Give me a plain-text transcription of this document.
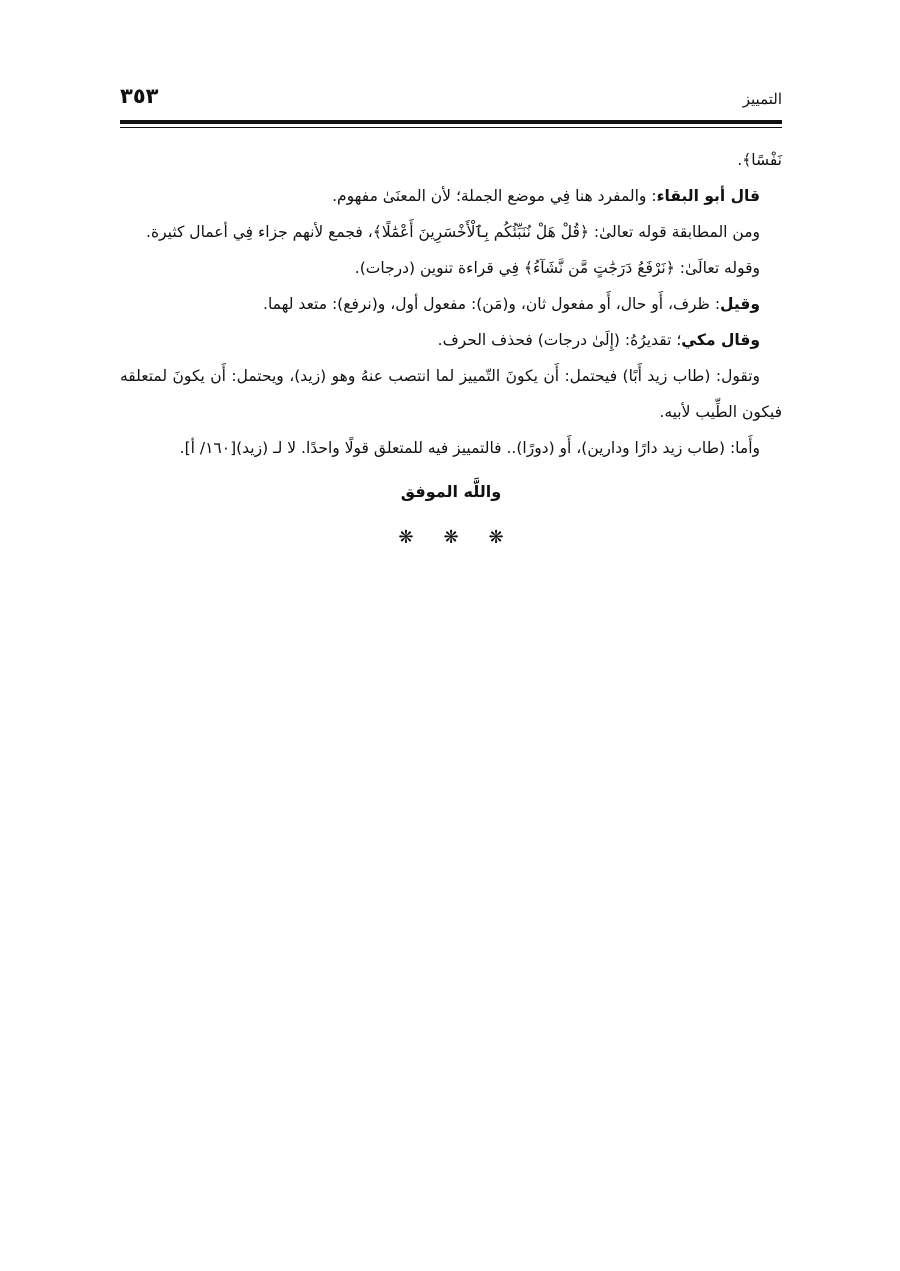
التمييز
٣٥٣

نَفْسًا﴾.

قال أبو البقاء: والمفرد هنا فِي موضع الجملة؛ لأن المعنَىٰ مفهوم.

ومن المطابقة قوله تعالىٰ: ﴿قُلْ هَلْ نُنَبِّئُكُم بِٱلْأَخْسَرِينَ أَعْمَٰلًا﴾، فجمع لأنهم جزاء فِي أعمال كثيرة.

وقوله تعالَىٰ: ﴿نَرْفَعُ دَرَجَٰتٍ مَّن نَّشَآءُ﴾ فِي قراءة تنوين (درجات).

وقيل: ظرف، أَو حال، أَو مفعول ثان، و(مَن): مفعول أول، و(نرفع): متعد لهما.

وقال مكي؛ تقديرُهُ: (إِلَىٰ درجات) فحذف الحرف.

وتقول: (طاب زيد أَبًا) فيحتمل: أَن يكونَ التّمييز لما انتصب عنهُ وهو (زيد)، ويحتمل: أَن يكونَ لمتعلقه فيكون الطِّيب لأبيه.

وأَما: (طاب زيد دارًا ودارين)، أَو (دورًا).. فالتمييز فيه للمتعلق قولًا واحدًا. لا لـ (زيد)[١٦٠/ أ].

واللَّه الموفق
❋ ❋ ❋
